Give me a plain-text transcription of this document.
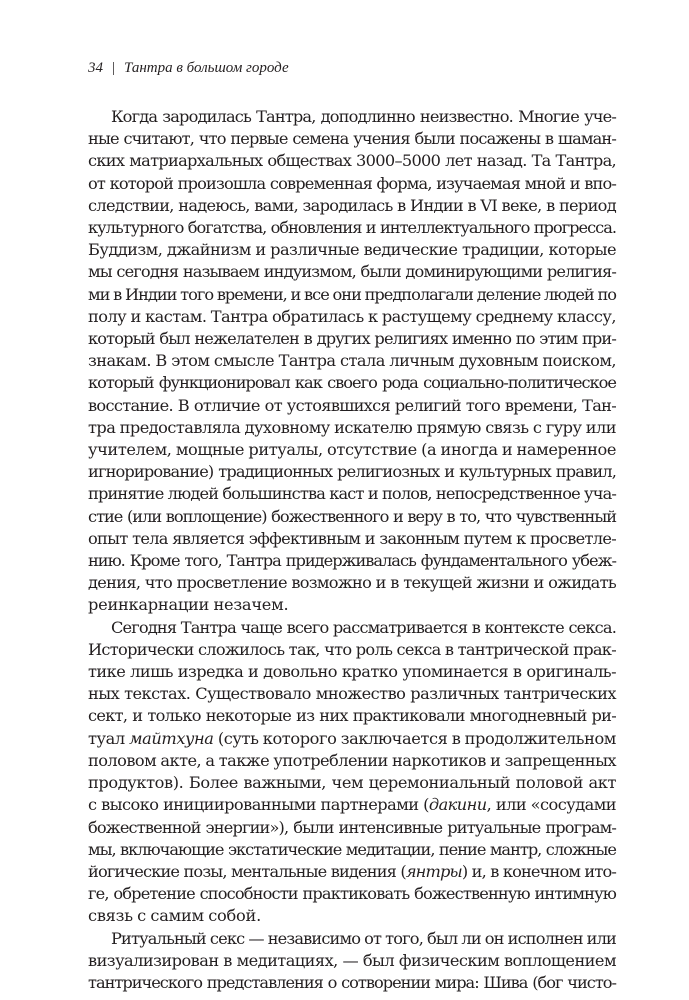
34 | Тантра в большом городе
Когда зародилась Тантра, доподлинно неизвестно. Многие уче-
ные считают, что первые семена учения были посажены в шаман-
ских матриархальных обществах 3000–5000 лет назад. Та Тантра,
от которой произошла современная форма, изучаемая мной и впо-
следствии, надеюсь, вами, зародилась в Индии в VI веке, в период
культурного богатства, обновления и интеллектуального прогресса.
Буддизм, джайнизм и различные ведические традиции, которые
мы сегодня называем индуизмом, были доминирующими религия-
ми в Индии того времени, и все они предполагали деление людей по
полу и кастам. Тантра обратилась к растущему среднему классу,
который был нежелателен в других религиях именно по этим при-
знакам. В этом смысле Тантра стала личным духовным поиском,
который функционировал как своего рода социально-политическое
восстание. В отличие от устоявшихся религий того времени, Тан-
тра предоставляла духовному искателю прямую связь с гуру или
учителем, мощные ритуалы, отсутствие (а иногда и намеренное
игнорирование) традиционных религиозных и культурных правил,
принятие людей большинства каст и полов, непосредственное уча-
стие (или воплощение) божественного и веру в то, что чувственный
опыт тела является эффективным и законным путем к просветле-
нию. Кроме того, Тантра придерживалась фундаментального убеж-
дения, что просветление возможно и в текущей жизни и ожидать
реинкарнации незачем.
Сегодня Тантра чаще всего рассматривается в контексте секса.
Исторически сложилось так, что роль секса в тантрической прак-
тике лишь изредка и довольно кратко упоминается в оригиналь-
ных текстах. Существовало множество различных тантрических
сект, и только некоторые из них практиковали многодневный ри-
туал майтхуна (суть которого заключается в продолжительном
половом акте, а также употреблении наркотиков и запрещенных
продуктов). Более важными, чем церемониальный половой акт
с высоко инициированными партнерами (дакини, или «сосудами
божественной энергии»), были интенсивные ритуальные програм-
мы, включающие экстатические медитации, пение мантр, сложные
йогические позы, ментальные видения (янтры) и, в конечном ито-
ге, обретение способности практиковать божественную интимную
связь с самим собой.
Ритуальный секс — независимо от того, был ли он исполнен или
визуализирован в медитациях, — был физическим воплощением
тантрического представления о сотворении мира: Шива (бог чисто-
